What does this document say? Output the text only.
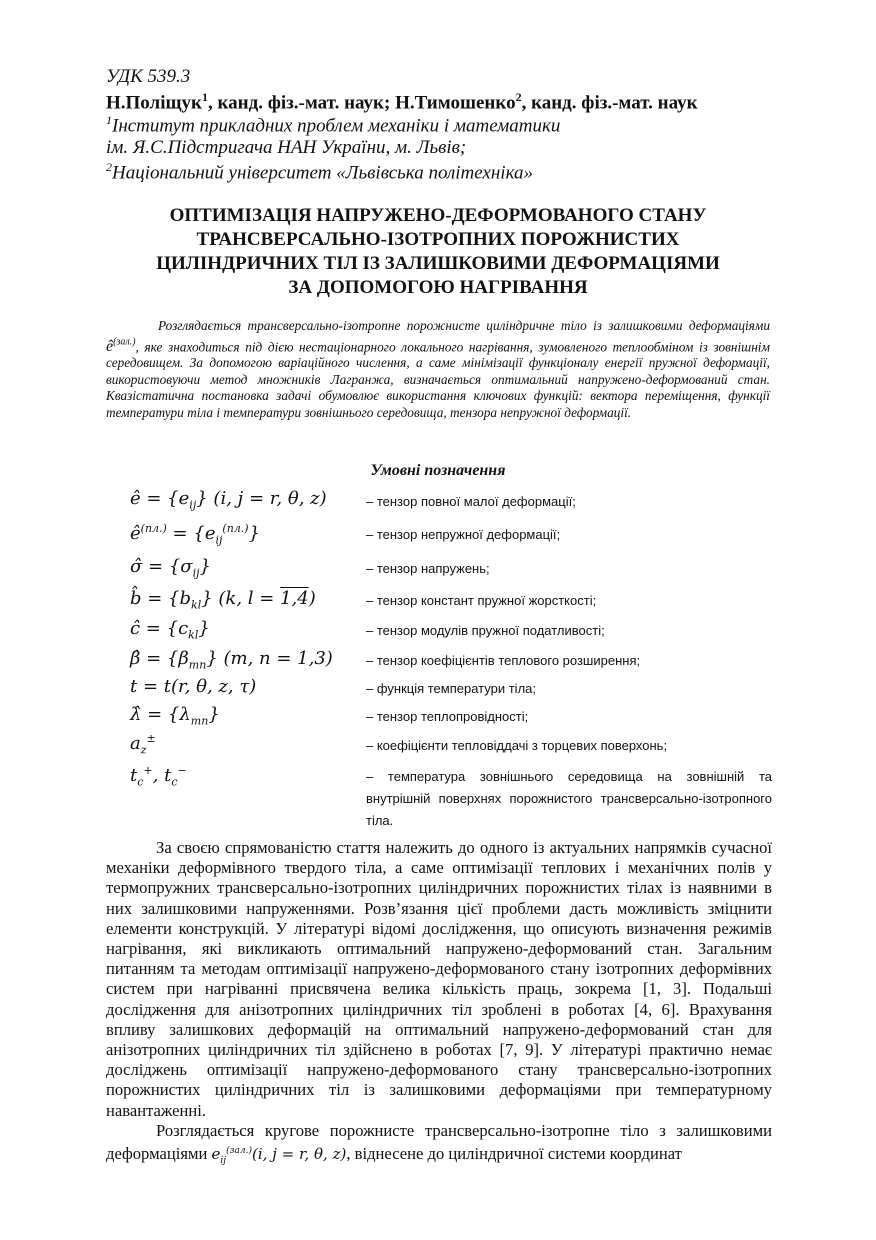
УДК 539.3
Н.Поліщук$^1$, канд. фіз.-мат. наук; Н.Тимошенко$^2$, канд. фіз.-мат. наук
$^1$Інститут прикладних проблем механіки і математики
ім. Я.С.Підстригача НАН України, м. Львів;
$^2$Національний університет «Львівська політехніка»
ОПТИМІЗАЦІЯ НАПРУЖЕНО-ДЕФОРМОВАНОГО СТАНУ
ТРАНСВЕРСАЛЬНО-ІЗОТРОПНИХ ПОРОЖНИСТИХ
ЦИЛІНДРИЧНИХ ТІЛ ІЗ ЗАЛИШКОВИМИ ДЕФОРМАЦІЯМИ
ЗА ДОПОМОГОЮ НАГРІВАННЯ

Розглядається трансверсально-ізотропне порожнисте циліндричне тіло із залишковими деформаціями $ê^{(зал.)}$, яке знаходиться під дією нестаціонарного локального нагрівання, зумовленого теплообміном із зовнішнім середовищем. За допомогою варіаційного числення, а саме мінімізації функціоналу енергії пружної деформації, використовуючи метод множників Лагранжа, визначається оптимальний напружено-деформований стан. Квазістатична постановка задачі обумовлює використання ключових функцій: вектора переміщення, функції температури тіла і температури зовнішнього середовища, тензора непружної деформації.

Умовні позначення
ê = $\{e_{ij}\}$ (i, j = r, θ, z)
$ê^{(пл.)} = \{e_{ij}^{(пл.)}\}$
σ̂ = $\{\sigma_{ij}\}$
b̂ = $\{b_{kl}\}$ (k, l = 1,4)
ĉ = $\{c_{kl}\}$
β̂ = $\{\beta_{mn}\}$ (m, n = 1,3)
t = t(r, θ, z, τ)
λ̂ = $\{\lambda_{mn}\}$
$a_z^\pm$
$t_c^+$, $t_c^-$
– тензор повної малої деформації;
– тензор непружної деформації;
– тензор напружень;
– тензор констант пружної жорсткості;
– тензор модулів пружної податливості;
– тензор коефіцієнтів теплового розширення;
– функція температури тіла;
– тензор теплопровідності;
– коефіцієнти тепловіддачі з торцевих поверхонь;
– температура зовнішнього середовища на зовнішній та внутрішній поверхнях порожнистого трансверсально-ізотропного тіла.

За своєю спрямованістю стаття належить до одного із актуальних напрямків сучасної механіки деформівного твердого тіла, а саме оптимізації теплових і механічних полів у термопружних трансверсально-ізотропних циліндричних порожнистих тілах із наявними в них залишковими напруженнями. Розв’язання цієї проблеми дасть можливість зміцнити елементи конструкцій. У літературі відомі дослідження, що описують визначення режимів нагрівання, які викликають оптимальний напружено-деформований стан. Загальним питанням та методам оптимізації напружено-деформованого стану ізотропних деформівних систем при нагріванні присвячена велика кількість праць, зокрема [1, 3]. Подальші дослідження для анізотропних циліндричних тіл зроблені в роботах [4, 6]. Врахування впливу залишкових деформацій на оптимальний напружено-деформований стан для анізотропних циліндричних тіл здійснено в роботах [7, 9]. У літературі практично немає досліджень оптимізації напружено-деформованого стану трансверсально-ізотропних порожнистих циліндричних тіл із залишковими деформаціями при температурному навантаженні.

Розглядається кругове порожнисте трансверсально-ізотропне тіло з залишковими деформаціями $e_{ij}^{(зал.)}(i$, j = r, θ, z), віднесене до циліндричної системи координат
